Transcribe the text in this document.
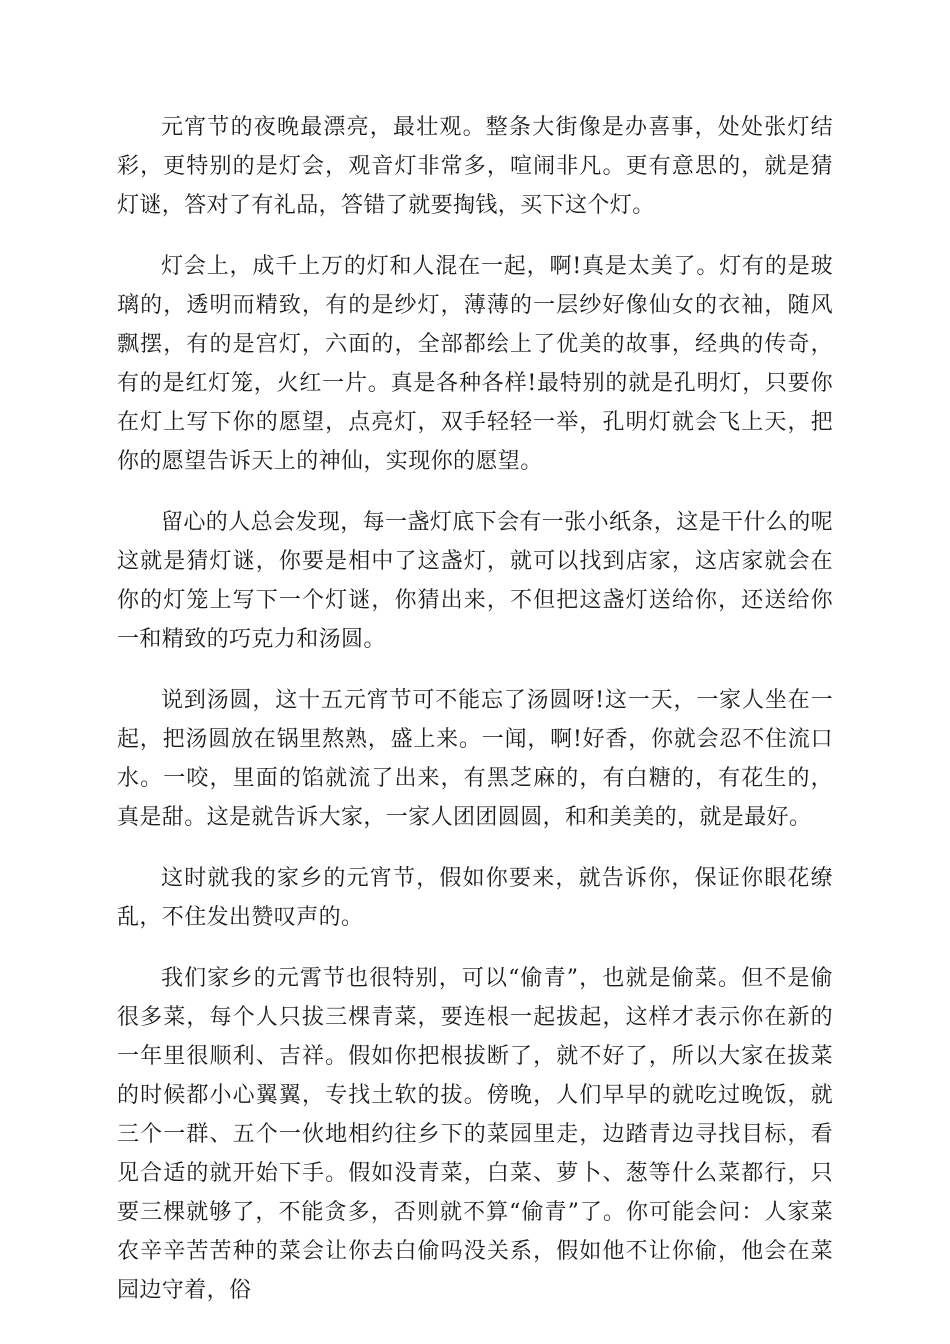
元宵节的夜晚最漂亮，最壮观。整条大街像是办喜事，处处张灯结彩，更特别的是灯会，观音灯非常多，喧闹非凡。更有意思的，就是猜灯谜，答对了有礼品，答错了就要掏钱，买下这个灯。

灯会上，成千上万的灯和人混在一起，啊!真是太美了。灯有的是玻璃的，透明而精致，有的是纱灯，薄薄的一层纱好像仙女的衣袖，随风飘摆，有的是宫灯，六面的，全部都绘上了优美的故事，经典的传奇，有的是红灯笼，火红一片。真是各种各样!最特别的就是孔明灯，只要你在灯上写下你的愿望，点亮灯，双手轻轻一举，孔明灯就会飞上天，把你的愿望告诉天上的神仙，实现你的愿望。

留心的人总会发现，每一盏灯底下会有一张小纸条，这是干什么的呢这就是猜灯谜，你要是相中了这盏灯，就可以找到店家，这店家就会在你的灯笼上写下一个灯谜，你猜出来，不但把这盏灯送给你，还送给你一和精致的巧克力和汤圆。

说到汤圆，这十五元宵节可不能忘了汤圆呀!这一天，一家人坐在一起，把汤圆放在锅里熬熟，盛上来。一闻，啊!好香，你就会忍不住流口水。一咬，里面的馅就流了出来，有黑芝麻的，有白糖的，有花生的，真是甜。这是就告诉大家，一家人团团圆圆，和和美美的，就是最好。

这时就我的家乡的元宵节，假如你要来，就告诉你，保证你眼花缭乱，不住发出赞叹声的。

我们家乡的元霄节也很特别，可以“偷青”，也就是偷菜。但不是偷很多菜，每个人只拔三棵青菜，要连根一起拔起，这样才表示你在新的一年里很顺利、吉祥。假如你把根拔断了，就不好了，所以大家在拔菜的时候都小心翼翼，专找土软的拔。傍晚，人们早早的就吃过晚饭，就三个一群、五个一伙地相约往乡下的菜园里走，边踏青边寻找目标，看见合适的就开始下手。假如没青菜，白菜、萝卜、葱等什么菜都行，只要三棵就够了，不能贪多，否则就不算“偷青”了。你可能会问：人家菜农辛辛苦苦种的菜会让你去白偷吗没关系，假如他不让你偷，他会在菜园边守着，俗
